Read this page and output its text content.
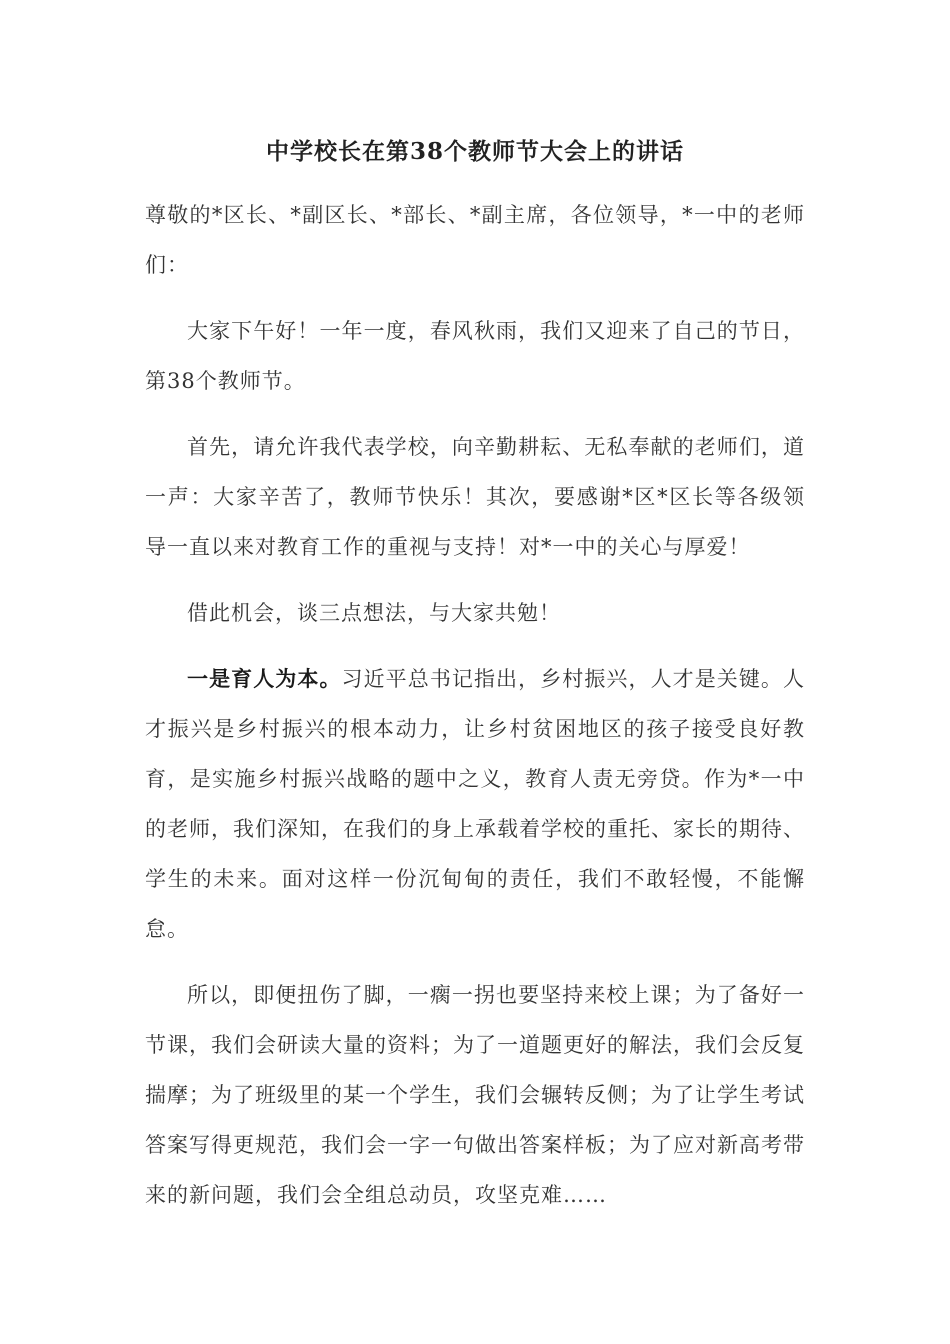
中学校长在第38个教师节大会上的讲话

尊敬的*区长、*副区长、*部长、*副主席，各位领导，*一中的老师们：

大家下午好！一年一度，春风秋雨，我们又迎来了自己的节日，第38个教师节。

首先，请允许我代表学校，向辛勤耕耘、无私奉献的老师们，道一声：大家辛苦了，教师节快乐！其次，要感谢*区*区长等各级领导一直以来对教育工作的重视与支持！对*一中的关心与厚爱！

借此机会，谈三点想法，与大家共勉！

一是育人为本。习近平总书记指出，乡村振兴，人才是关键。人才振兴是乡村振兴的根本动力，让乡村贫困地区的孩子接受良好教育，是实施乡村振兴战略的题中之义，教育人责无旁贷。作为*一中的老师，我们深知，在我们的身上承载着学校的重托、家长的期待、学生的未来。面对这样一份沉甸甸的责任，我们不敢轻慢，不能懈怠。

所以，即便扭伤了脚，一瘸一拐也要坚持来校上课；为了备好一节课，我们会研读大量的资料；为了一道题更好的解法，我们会反复揣摩；为了班级里的某一个学生，我们会辗转反侧；为了让学生考试答案写得更规范，我们会一字一句做出答案样板；为了应对新高考带来的新问题，我们会全组总动员，攻坚克难……
